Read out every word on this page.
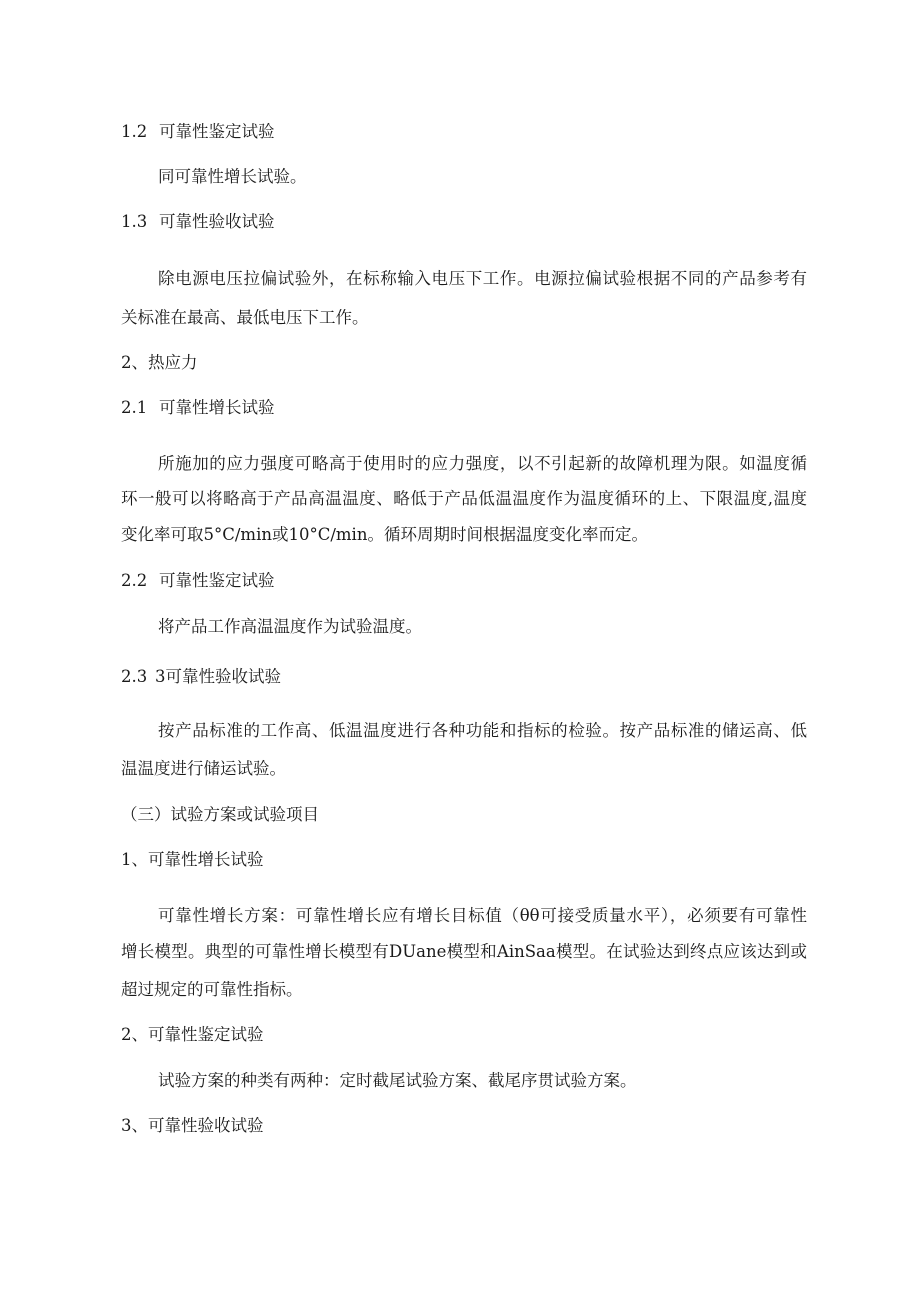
1.2 可靠性鉴定试验
同可靠性增长试验。
1.3 可靠性验收试验
除电源电压拉偏试验外，在标称输入电压下工作。电源拉偏试验根据不同的产品参考有
关标准在最高、最低电压下工作。
2、热应力
2.1 可靠性增长试验
所施加的应力强度可略高于使用时的应力强度，以不引起新的故障机理为限。如温度循
环一般可以将略高于产品高温温度、略低于产品低温温度作为温度循环的上、下限温度,温度
变化率可取5°C∕min或10°C∕min。循环周期时间根据温度变化率而定。
2.2 可靠性鉴定试验
将产品工作高温温度作为试验温度。
2.3 3可靠性验收试验
按产品标准的工作高、低温温度进行各种功能和指标的检验。按产品标准的储运高、低
温温度进行储运试验。
（三）试验方案或试验项目
1、可靠性增长试验
可靠性增长方案：可靠性增长应有增长目标值（θθ可接受质量水平），必须要有可靠性
增长模型。典型的可靠性增长模型有DUane模型和AinSaa模型。在试验达到终点应该达到或
超过规定的可靠性指标。
2、可靠性鉴定试验
试验方案的种类有两种：定时截尾试验方案、截尾序贯试验方案。
3、可靠性验收试验
